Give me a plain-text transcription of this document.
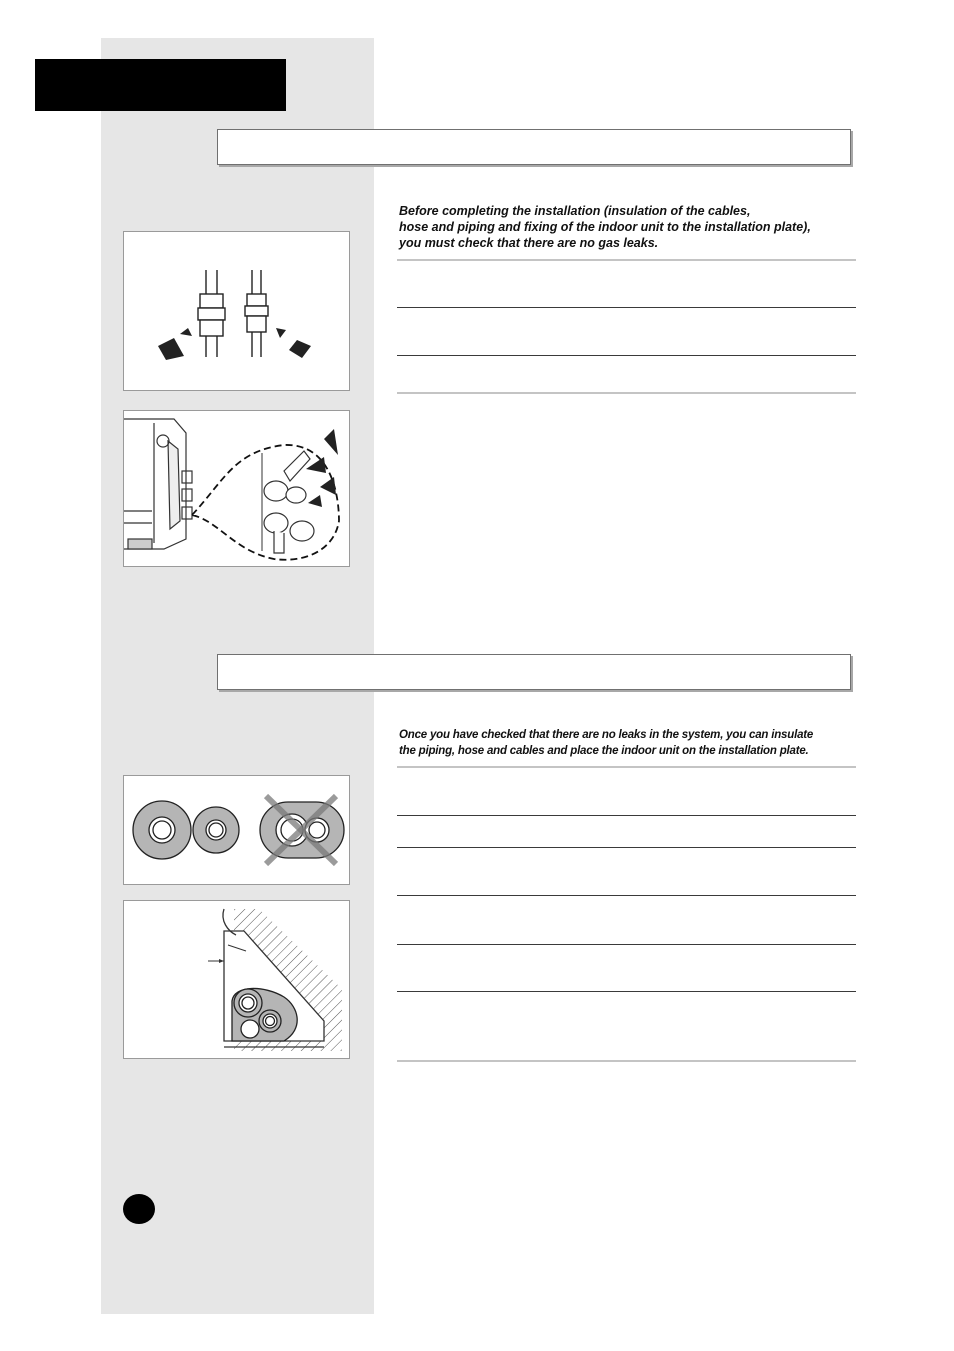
Before completing the installation (insulation of the cables,
hose and piping and fixing of the indoor unit to the installation plate),
you must check that there are no gas leaks.

Once you have checked that there are no leaks in the system, you can insulate
the piping, hose and cables and place the indoor unit on the installation plate.
